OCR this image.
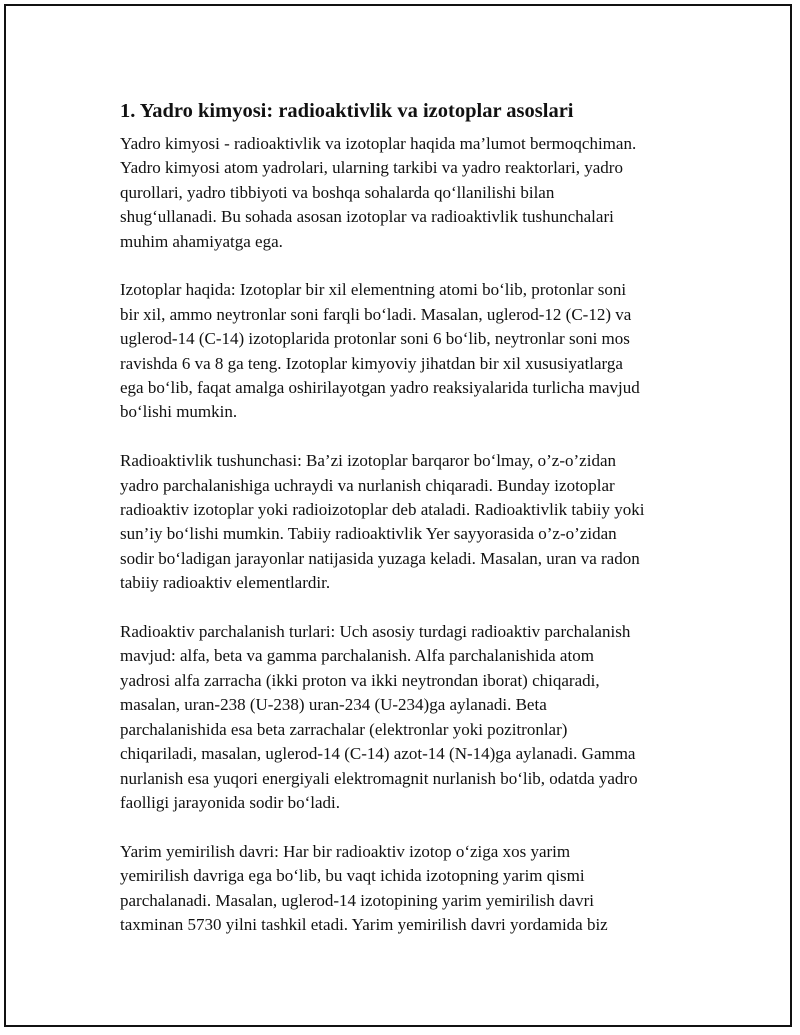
1. Yadro kimyosi: radioaktivlik va izotoplar asoslari
Yadro kimyosi - radioaktivlik va izotoplar haqida ma’lumot bermoqchiman.
Yadro kimyosi atom yadrolari, ularning tarkibi va yadro reaktorlari, yadro
qurollari, yadro tibbiyoti va boshqa sohalarda qo‘llanilishi bilan
shug‘ullanadi. Bu sohada asosan izotoplar va radioaktivlik tushunchalari
muhim ahamiyatga ega.
Izotoplar haqida: Izotoplar bir xil elementning atomi bo‘lib, protonlar soni
bir xil, ammo neytronlar soni farqli bo‘ladi. Masalan, uglerod-12 (C-12) va
uglerod-14 (C-14) izotoplarida protonlar soni 6 bo‘lib, neytronlar soni mos
ravishda 6 va 8 ga teng. Izotoplar kimyoviy jihatdan bir xil xususiyatlarga
ega bo‘lib, faqat amalga oshirilayotgan yadro reaksiyalarida turlicha mavjud
bo‘lishi mumkin.
Radioaktivlik tushunchasi: Ba’zi izotoplar barqaror bo‘lmay, o’z-o’zidan
yadro parchalanishiga uchraydi va nurlanish chiqaradi. Bunday izotoplar
radioaktiv izotoplar yoki radioizotoplar deb ataladi. Radioaktivlik tabiiy yoki
sun’iy bo‘lishi mumkin. Tabiiy radioaktivlik Yer sayyorasida o’z-o’zidan
sodir bo‘ladigan jarayonlar natijasida yuzaga keladi. Masalan, uran va radon
tabiiy radioaktiv elementlardir.
Radioaktiv parchalanish turlari: Uch asosiy turdagi radioaktiv parchalanish
mavjud: alfa, beta va gamma parchalanish. Alfa parchalanishida atom
yadrosi alfa zarracha (ikki proton va ikki neytrondan iborat) chiqaradi,
masalan, uran-238 (U-238) uran-234 (U-234)ga aylanadi. Beta
parchalanishida esa beta zarrachalar (elektronlar yoki pozitronlar)
chiqariladi, masalan, uglerod-14 (C-14) azot-14 (N-14)ga aylanadi. Gamma
nurlanish esa yuqori energiyali elektromagnit nurlanish bo‘lib, odatda yadro
faolligi jarayonida sodir bo‘ladi.
Yarim yemirilish davri: Har bir radioaktiv izotop o‘ziga xos yarim
yemirilish davriga ega bo‘lib, bu vaqt ichida izotopning yarim qismi
parchalanadi. Masalan, uglerod-14 izotopining yarim yemirilish davri
taxminan 5730 yilni tashkil etadi. Yarim yemirilish davri yordamida biz
